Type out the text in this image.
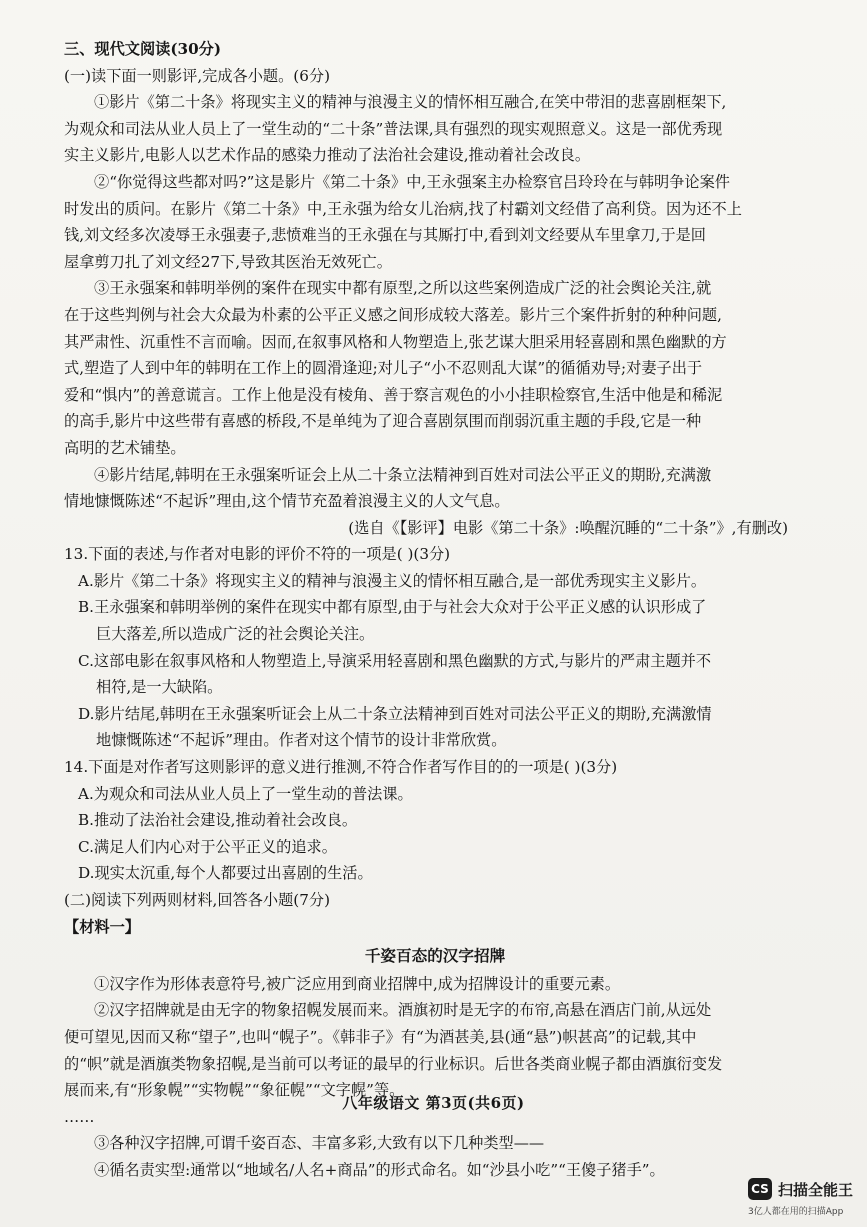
三、现代文阅读(30分)
(一)读下面一则影评,完成各小题。(6分)
①影片《第二十条》将现实主义的精神与浪漫主义的情怀相互融合,在笑中带泪的悲喜剧框架下,
为观众和司法从业人员上了一堂生动的“二十条”普法课,具有强烈的现实观照意义。这是一部优秀现
实主义影片,电影人以艺术作品的感染力推动了法治社会建设,推动着社会改良。
②“你觉得这些都对吗?”这是影片《第二十条》中,王永强案主办检察官吕玲玲在与韩明争论案件
时发出的质问。在影片《第二十条》中,王永强为给女儿治病,找了村霸刘文经借了高利贷。因为还不上
钱,刘文经多次凌辱王永强妻子,悲愤难当的王永强在与其厮打中,看到刘文经要从车里拿刀,于是回
屋拿剪刀扎了刘文经27下,导致其医治无效死亡。
③王永强案和韩明举例的案件在现实中都有原型,之所以这些案例造成广泛的社会舆论关注,就
在于这些判例与社会大众最为朴素的公平正义感之间形成较大落差。影片三个案件折射的种种问题,
其严肃性、沉重性不言而喻。因而,在叙事风格和人物塑造上,张艺谋大胆采用轻喜剧和黑色幽默的方
式,塑造了人到中年的韩明在工作上的圆滑逢迎;对儿子“小不忍则乱大谋”的循循劝导;对妻子出于
爱和“惧内”的善意谎言。工作上他是没有棱角、善于察言观色的小小挂职检察官,生活中他是和稀泥
的高手,影片中这些带有喜感的桥段,不是单纯为了迎合喜剧氛围而削弱沉重主题的手段,它是一种
高明的艺术铺垫。
④影片结尾,韩明在王永强案听证会上从二十条立法精神到百姓对司法公平正义的期盼,充满激
情地慷慨陈述“不起诉”理由,这个情节充盈着浪漫主义的人文气息。
(选自《【影评】电影《第二十条》:唤醒沉睡的“二十条”》,有删改)
13.下面的表述,与作者对电影的评价不符的一项是( )(3分)
A.影片《第二十条》将现实主义的精神与浪漫主义的情怀相互融合,是一部优秀现实主义影片。
B.王永强案和韩明举例的案件在现实中都有原型,由于与社会大众对于公平正义感的认识形成了
巨大落差,所以造成广泛的社会舆论关注。
C.这部电影在叙事风格和人物塑造上,导演采用轻喜剧和黑色幽默的方式,与影片的严肃主题并不
相符,是一大缺陷。
D.影片结尾,韩明在王永强案听证会上从二十条立法精神到百姓对司法公平正义的期盼,充满激情
地慷慨陈述“不起诉”理由。作者对这个情节的设计非常欣赏。
14.下面是对作者写这则影评的意义进行推测,不符合作者写作目的的一项是( )(3分)
A.为观众和司法从业人员上了一堂生动的普法课。
B.推动了法治社会建设,推动着社会改良。
C.满足人们内心对于公平正义的追求。
D.现实太沉重,每个人都要过出喜剧的生活。
(二)阅读下列两则材料,回答各小题(7分)
【材料一】
千姿百态的汉字招牌
①汉字作为形体表意符号,被广泛应用到商业招牌中,成为招牌设计的重要元素。
②汉字招牌就是由无字的物象招幌发展而来。酒旗初时是无字的布帘,高悬在酒店门前,从远处
便可望见,因而又称“望子”,也叫“幌子”。《韩非子》有“为酒甚美,县(通“悬”)帜甚高”的记载,其中
的“帜”就是酒旗类物象招幌,是当前可以考证的最早的行业标识。后世各类商业幌子都由酒旗衍变发
展而来,有“形象幌”“实物幌”“象征幌”“文字幌”等。
……
③各种汉字招牌,可谓千姿百态、丰富多彩,大致有以下几种类型——
④循名责实型:通常以“地域名/人名+商品”的形式命名。如“沙县小吃”“王傻子猪手”。
八年级语文 第3页(共6页)
CS 扫描全能王
3亿人都在用的扫描App
